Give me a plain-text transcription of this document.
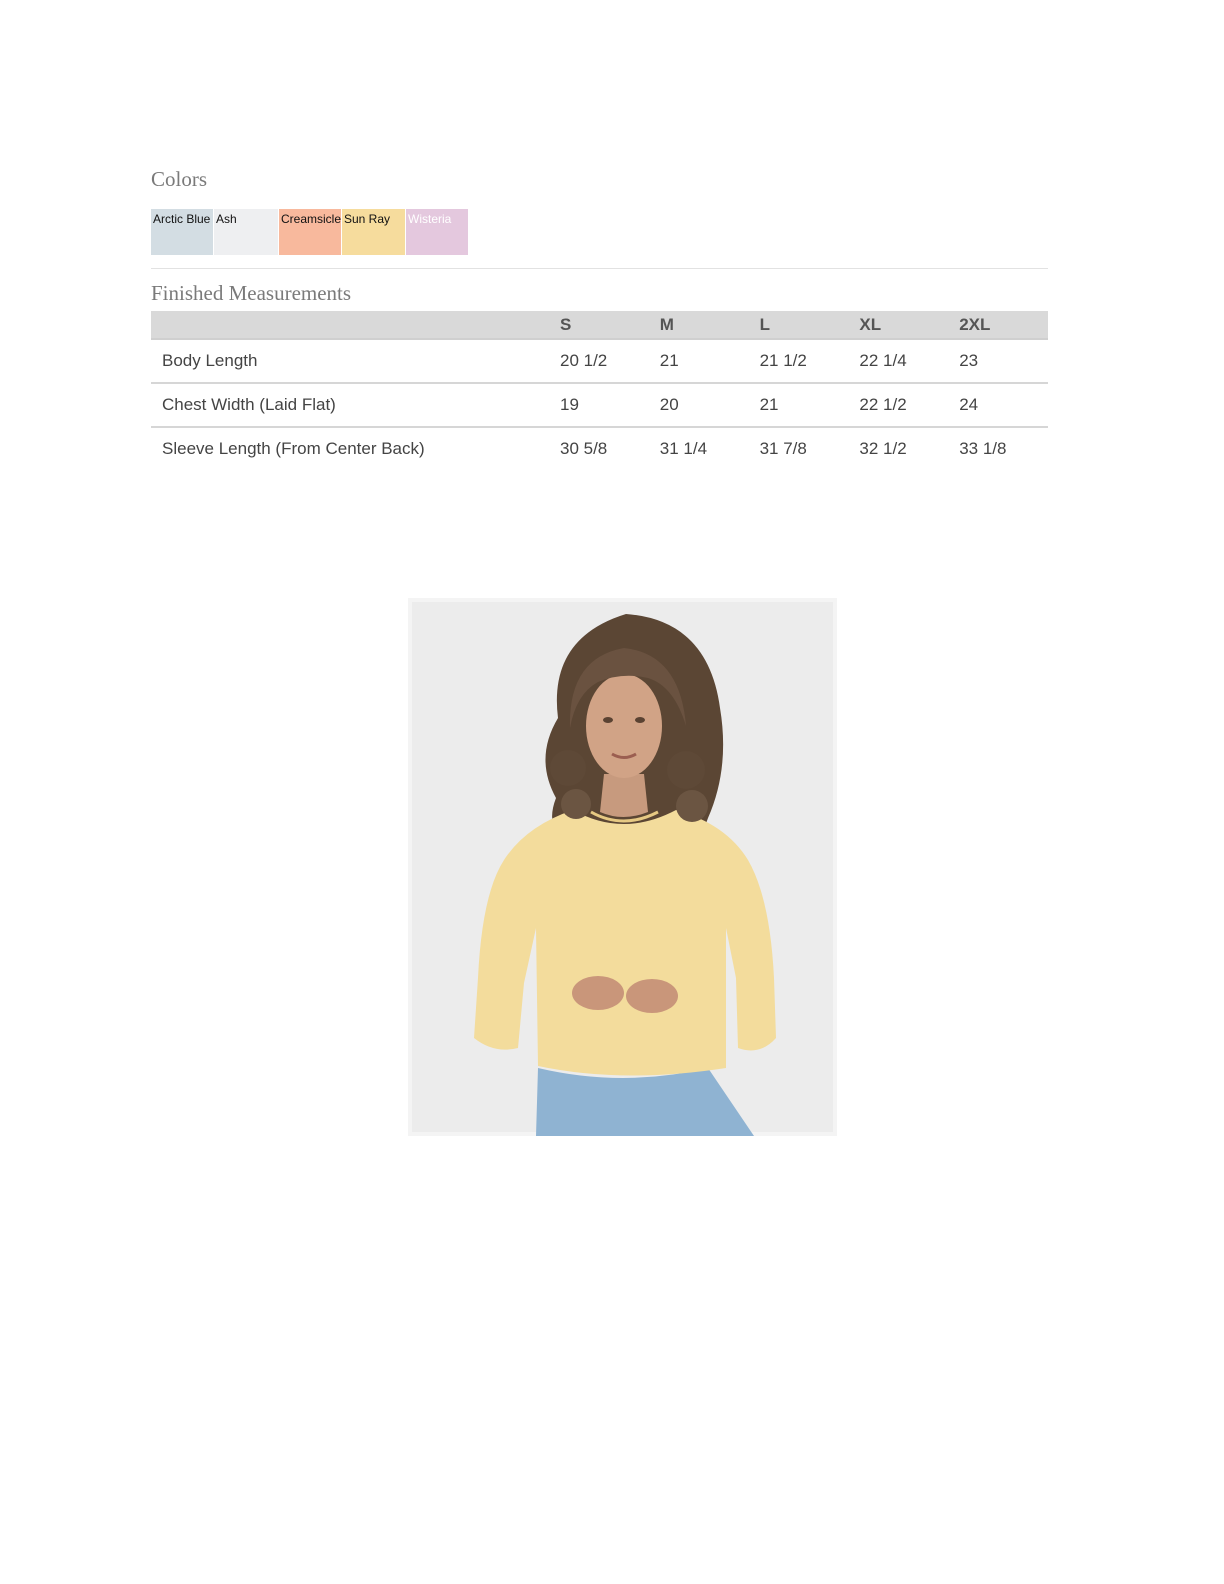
Colors
Arctic Blue Ash	Creamsicle Sun Ray	Wisteria
Finished Measurements
	S	M	L	XL	2XL
Body Length	20 1/2	21	21 1/2	22 1/4	23
Chest Width (Laid Flat)	19	20	21	22 1/2	24
Sleeve Length (From Center Back)	30 5/8	31 1/4	31 7/8	32 1/2	33 1/8
